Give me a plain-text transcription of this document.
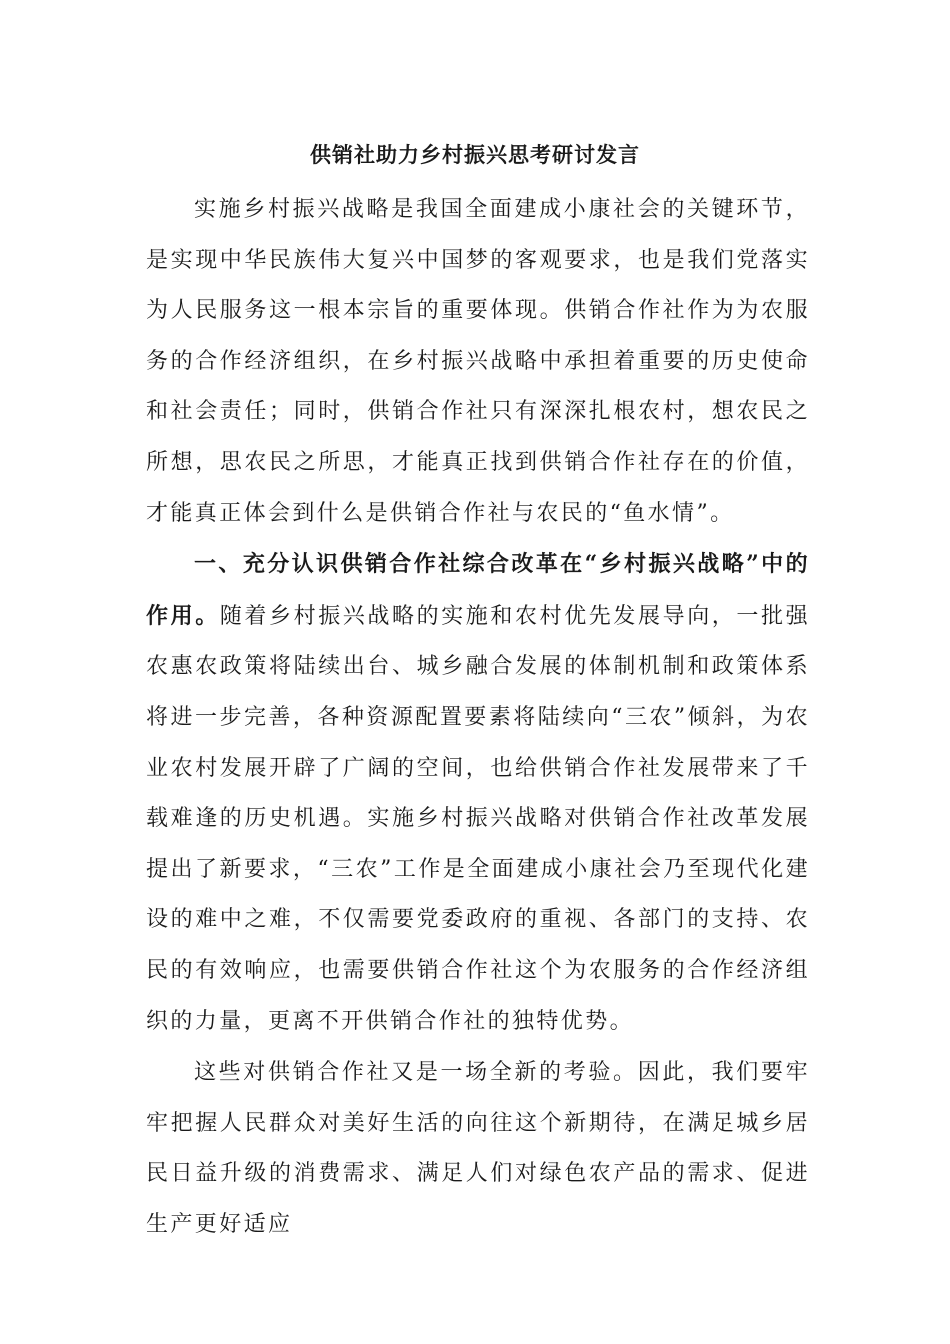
供销社助力乡村振兴思考研讨发言

实施乡村振兴战略是我国全面建成小康社会的关键环节，是实现中华民族伟大复兴中国梦的客观要求，也是我们党落实为人民服务这一根本宗旨的重要体现。供销合作社作为为农服务的合作经济组织，在乡村振兴战略中承担着重要的历史使命和社会责任；同时，供销合作社只有深深扎根农村，想农民之所想，思农民之所思，才能真正找到供销合作社存在的价值，才能真正体会到什么是供销合作社与农民的“鱼水情”。

一、充分认识供销合作社综合改革在“乡村振兴战略”中的作用。随着乡村振兴战略的实施和农村优先发展导向，一批强农惠农政策将陆续出台、城乡融合发展的体制机制和政策体系将进一步完善，各种资源配置要素将陆续向“三农”倾斜，为农业农村发展开辟了广阔的空间，也给供销合作社发展带来了千载难逢的历史机遇。实施乡村振兴战略对供销合作社改革发展提出了新要求，“三农”工作是全面建成小康社会乃至现代化建设的难中之难，不仅需要党委政府的重视、各部门的支持、农民的有效响应，也需要供销合作社这个为农服务的合作经济组织的力量，更离不开供销合作社的独特优势。

这些对供销合作社又是一场全新的考验。因此，我们要牢牢把握人民群众对美好生活的向往这个新期待，在满足城乡居民日益升级的消费需求、满足人们对绿色农产品的需求、促进生产更好适应
